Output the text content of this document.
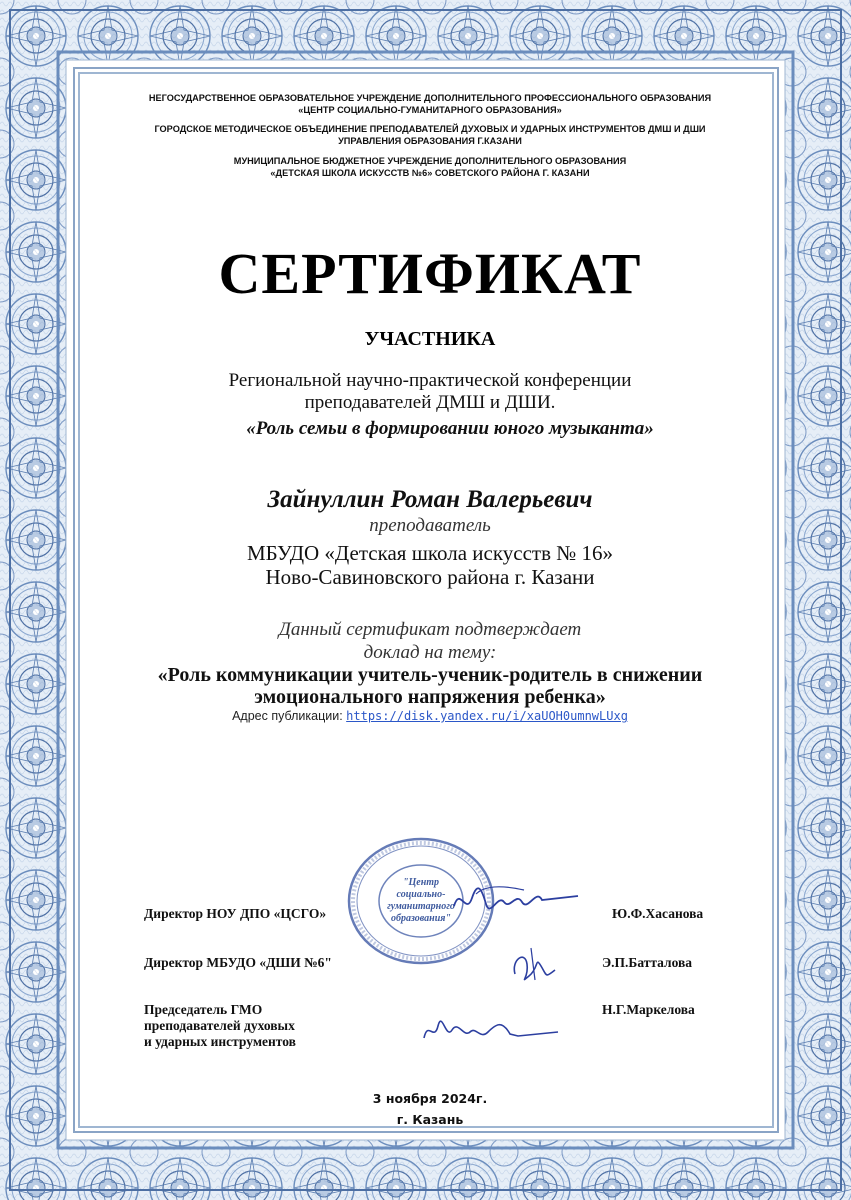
НЕГОСУДАРСТВЕННОЕ ОБРАЗОВАТЕЛЬНОЕ УЧРЕЖДЕНИЕ ДОПОЛНИТЕЛЬНОГО ПРОФЕССИОНАЛЬНОГО ОБРАЗОВАНИЯ
«ЦЕНТР СОЦИАЛЬНО-ГУМАНИТАРНОГО ОБРАЗОВАНИЯ»
ГОРОДСКОЕ МЕТОДИЧЕСКОЕ ОБЪЕДИНЕНИЕ ПРЕПОДАВАТЕЛЕЙ ДУХОВЫХ И УДАРНЫХ ИНСТРУМЕНТОВ ДМШ И ДШИ
УПРАВЛЕНИЯ ОБРАЗОВАНИЯ Г.КАЗАНИ
МУНИЦИПАЛЬНОЕ БЮДЖЕТНОЕ УЧРЕЖДЕНИЕ ДОПОЛНИТЕЛЬНОГО ОБРАЗОВАНИЯ
«ДЕТСКАЯ ШКОЛА ИСКУССТВ №6» СОВЕТСКОГО РАЙОНА Г. КАЗАНИ
СЕРТИФИКАТ
УЧАСТНИКА
Региональной научно-практической конференции
преподавателей ДМШ и ДШИ.
«Роль семьи в формировании юного музыканта»
Зайнуллин Роман Валерьевич
преподаватель
МБУДО «Детская школа искусств № 16»
Ново-Савиновского района г. Казани
Данный сертификат подтверждает
доклад на тему:
«Роль коммуникации учитель-ученик-родитель в снижении
эмоционального напряжения ребенка»
Адрес публикации: https://disk.yandex.ru/i/xaUOH0umnwLUxg
"Центр
социально-
гуманитарного
образования"
Директор НОУ ДПО «ЦСГО»	Ю.Ф.Хасанова
Директор МБУДО «ДШИ №6"	Э.П.Батталова
Председатель ГМО
преподавателей духовых
и ударных инструментов
Н.Г.Маркелова
3 ноября 2024г.
г. Казань
